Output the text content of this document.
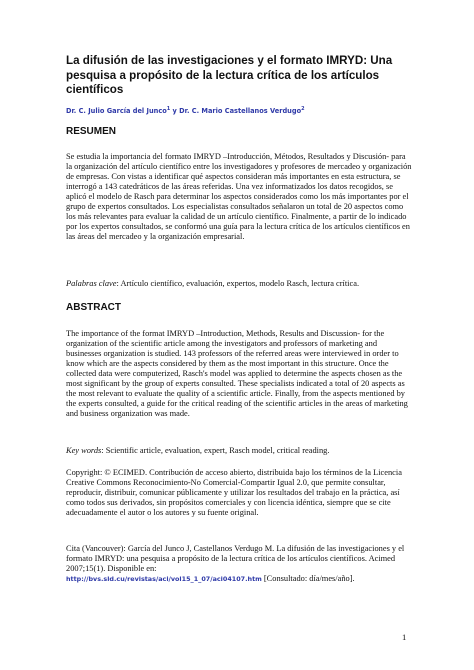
La difusión de las investigaciones y el formato IMRYD: Una pesquisa a propósito de la lectura crítica de los artículos científicos
Dr. C. Julio García del Junco$^1$ y Dr. C. Mario Castellanos Verdugo$^2$
RESUMEN
Se estudia la importancia del formato IMRYD –Introducción, Métodos, Resultados y Discusión- para la organización del artículo científico entre los investigadores y profesores de mercadeo y organización de empresas. Con vistas a identificar qué aspectos consideran más importantes en esta estructura, se interrogó a 143 catedráticos de las áreas referidas. Una vez informatizados los datos recogidos, se aplicó el modelo de Rasch para determinar los aspectos considerados como los más importantes por el grupo de expertos consultados. Los especialistas consultados señalaron un total de 20 aspectos como los más relevantes para evaluar la calidad de un artículo científico. Finalmente, a partir de lo indicado por los expertos consultados, se conformó una guía para la lectura crítica de los artículos científicos en las áreas del mercadeo y la organización empresarial.
Palabras clave: Artículo científico, evaluación, expertos, modelo Rasch, lectura crítica.
ABSTRACT
The importance of the format IMRYD –Introduction, Methods, Results and Discussion- for the organization of the scientific article among the investigators and professors of marketing and businesses organization is studied. 143 professors of the referred areas were interviewed in order to know which are the aspects considered by them as the most important in this structure. Once the collected data were computerized, Rasch's model was applied to determine the aspects chosen as the most significant by the group of experts consulted. These specialists indicated a total of 20 aspects as the most relevant to evaluate the quality of a scientific article. Finally, from the aspects mentioned by the experts consulted, a guide for the critical reading of the scientific articles in the areas of marketing and business organization was made.
Key words: Scientific article, evaluation, expert, Rasch model, critical reading.
Copyright: © ECIMED. Contribución de acceso abierto, distribuida bajo los términos de la Licencia Creative Commons Reconocimiento-No Comercial-Compartir Igual 2.0, que permite consultar, reproducir, distribuir, comunicar públicamente y utilizar los resultados del trabajo en la práctica, así como todos sus derivados, sin propósitos comerciales y con licencia idéntica, siempre que se cite adecuadamente el autor o los autores y su fuente original.
Cita (Vancouver): García del Junco J, Castellanos Verdugo M. La difusión de las investigaciones y el formato IMRYD: una pesquisa a propósito de la lectura crítica de los artículos científicos. Acimed 2007;15(1). Disponible en:
http://bvs.sld.cu/revistas/aci/vol15_1_07/aci04107.htm [Consultado: día/mes/año].
1
